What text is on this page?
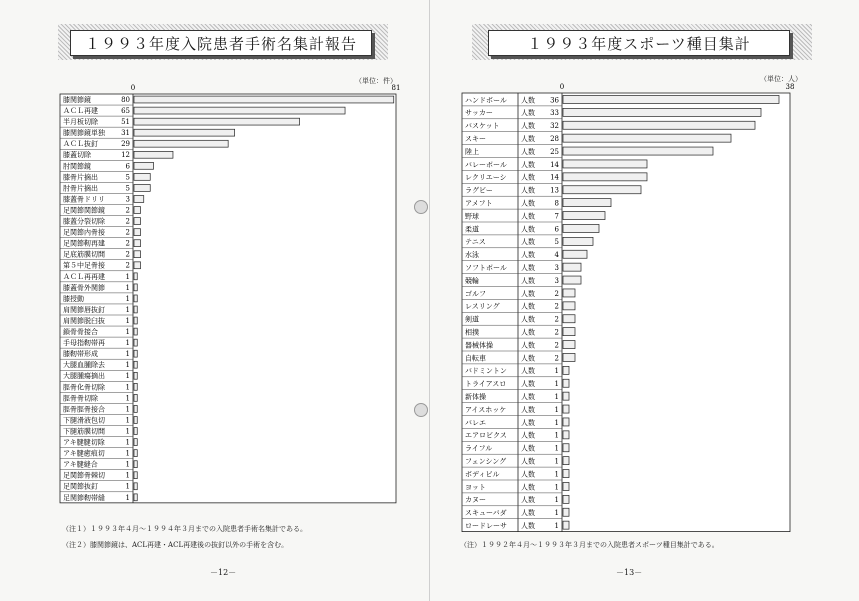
１９９３年度入院患者手術名集計報告
（単位：件）
0	81
膝関節鏡	80
ＡＣＬ再建	65
半月板切除	51
膝関節鏡単独 31
ＡＣＬ抜釘	29
膝蓋切除	12
肘関節鏡	6
膝骨片摘出	5
肘骨片摘出	5
膝蓋骨ドリリ	3
足関節関節鏡	2
膝蓋分裂切除	2
足関節内骨接	2
足関節靭再建	2
足底筋膜切開	2
第５中足骨接	2
ＡＣＬ再再建	1
膝蓋骨外関節	1
膝授動	1
肩関節唇抜釘	1
肩関節脱臼抜	1
鎖骨骨接合	1
手母指靭帯再	1
膝靭帯形成	1
大腿血腫除去	1
大腿腫瘍摘出	1
脛骨化骨切除	1
脛骨骨切除	1
脛骨脛骨接合	1
下腿滑液包切	1
下腿筋膜切開	1
アキ腱腱切除	1
アキ腱癒痕切	1
アキ腱縫合	1
足関節骨棘切	1
足関節抜釘	1
足関節靭帯縫	1
（注１）１９９３年４月～１９９４年３月までの入院患者手術名集計である。
（注２）膝関節鏡は、ACL再建・ACL再建後の抜釘以外の手術を含む。
－12－
１９９３年度スポーツ種目集計
（単位：人）
0	38
ハンドボール 人数 36
サッカー	人数 33
バスケット	人数 32
スキー	人数 28
陸上	人数 25
バレーボール 人数 14
レクリエーシ 人数 14
ラグビー	人数 13
アメフト	人数	8
野球	人数	7
柔道	人数	6
テニス	人数	5
水泳	人数	4
ソフトボール 人数	3
競輪	人数	3
ゴルフ	人数	2
レスリング	人数	2
剣道	人数	2
相撲	人数	2
器械体操	人数	2
自転車	人数	2
バドミントン 人数	1
トライアスロ 人数	1
新体操	人数	1
アイスホッケ 人数	1
バレエ	人数	1
エアロビクス 人数	1
ライフル	人数	1
フェンシング 人数	1
ボディビル	人数	1
ヨット	人数	1
カヌー	人数	1
スキューバダ 人数	1
ロードレーサ 人数	1
（注）１９９２年４月～１９９３年３月までの入院患者スポーツ種目集計である。
－13－
